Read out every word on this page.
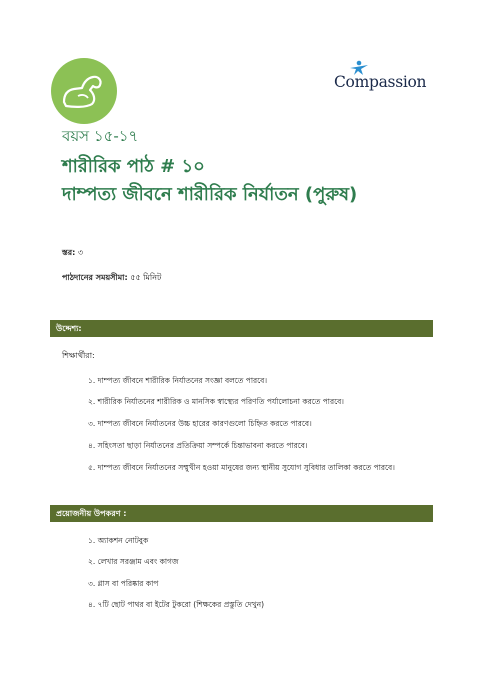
Compassion
বয়স ১৫-১৭
শারীরিক পাঠ # ১০
দাম্পত্য জীবনে শারীরিক নির্যাতন (পুরুষ)
স্তর: ৩
পাঠদানের সময়সীমা: ৫৫ মিনিট
উদ্দেশ্য:
শিক্ষার্থীরা:
১. দাম্পত্য জীবনে শারীরিক নির্যাতনের সংজ্ঞা বলতে পারবে।
২. শারীরিক নির্যাতনের শারীরিক ও মানসিক স্বাস্থ্যের পরিণতি পর্যালোচনা করতে পারবে।
৩. দাম্পত্য জীবনে নির্যাতনের উচ্চ হারের কারণগুলো চিহ্নিত করতে পারবে।
৪. সহিংসতা ছাড়া নির্যাতনের প্রতিক্রিয়া সম্পর্কে চিন্তাভাবনা করতে পারবে।
৫. দাম্পত্য জীবনে নির্যাতনের সম্মুখীন হওয়া মানুষের জন্য স্থানীয় সুযোগ সুবিধার তালিকা করতে পারবে।
প্রয়োজনীয় উপকরণ :
১. অ্যাকশন নোটবুক
২. লেখার সরঞ্জাম এবং কাগজ
৩. গ্লাস বা পরিষ্কার কাপ
৪. ৭টি ছোট পাথর বা ইটের টুকরো (শিক্ষকের প্রস্তুতি দেখুন)
